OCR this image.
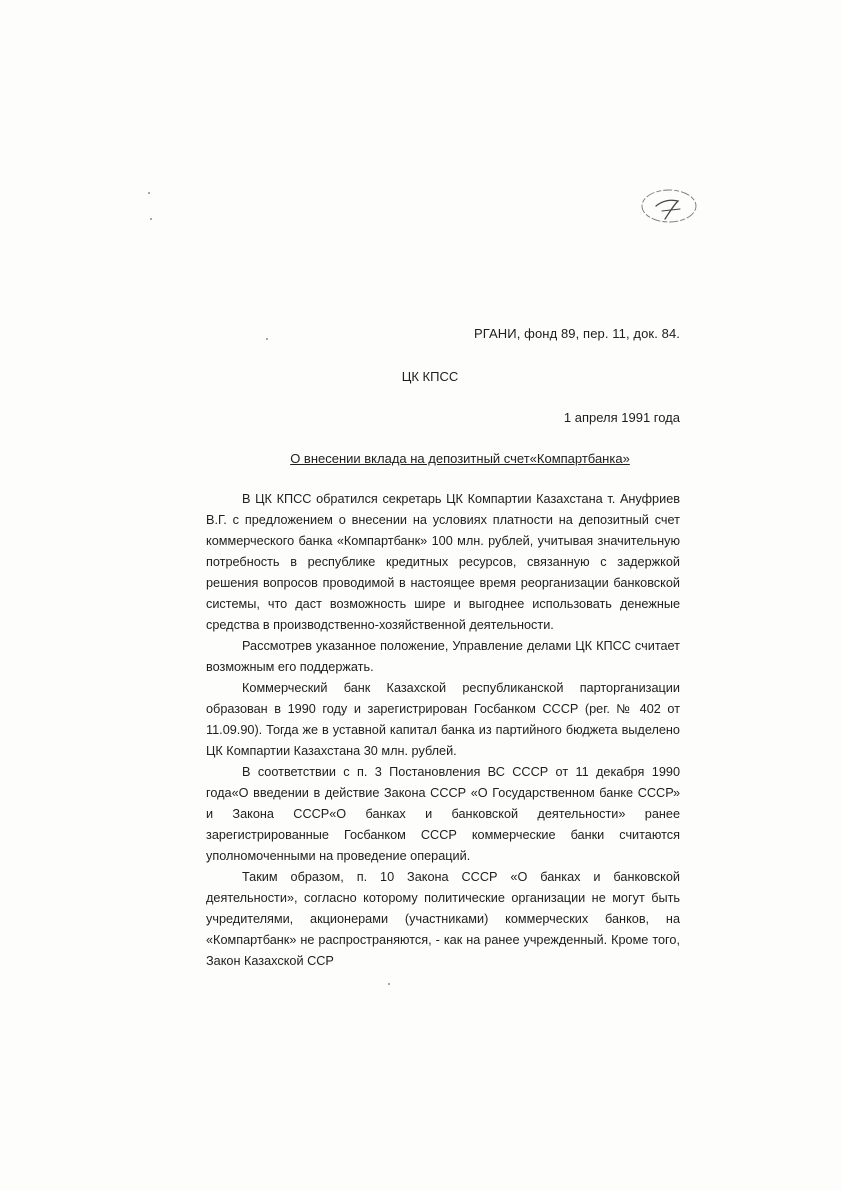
7
РГАНИ, фонд 89, пер. 11, док. 84.
ЦК КПСС
1 апреля 1991 года
О внесении вклада на депозитный счет«Компартбанка»

В ЦК КПСС обратился секретарь ЦК Компартии Казахстана т. Ануфриев В.Г. с предложением о внесении на условиях платности на депозитный счет коммерческого банка «Компартбанк» 100 млн. рублей, учитывая значительную потребность в республике кредитных ресурсов, связанную с задержкой решения вопросов проводимой в настоящее время реорганизации банковской системы, что даст возможность шире и выгоднее использовать денежные средства в производственно-хозяйственной деятельности.

Рассмотрев указанное положение, Управление делами ЦК КПСС считает возможным его поддержать.

Коммерческий банк Казахской республиканской парторганизации образован в 1990 году и зарегистрирован Госбанком СССР (рег. № 402 от 11.09.90). Тогда же в уставной капитал банка из партийного бюджета выделено ЦК Компартии Казахстана 30 млн. рублей.

В соответствии с п. 3 Постановления ВС СССР от 11 декабря 1990 года«О введении в действие Закона СССР «О Государственном банке СССР» и Закона СССР«О банках и банковской деятельности» ранее зарегистрированные Госбанком СССР коммерческие банки считаются уполномоченными на проведение операций.

Таким образом, п. 10 Закона СССР «О банках и банковской деятельности», согласно которому политические организации не могут быть учредителями, акционерами (участниками) коммерческих банков, на «Компартбанк» не распространяются, - как на ранее учрежденный. Кроме того, Закон Казахской ССР
